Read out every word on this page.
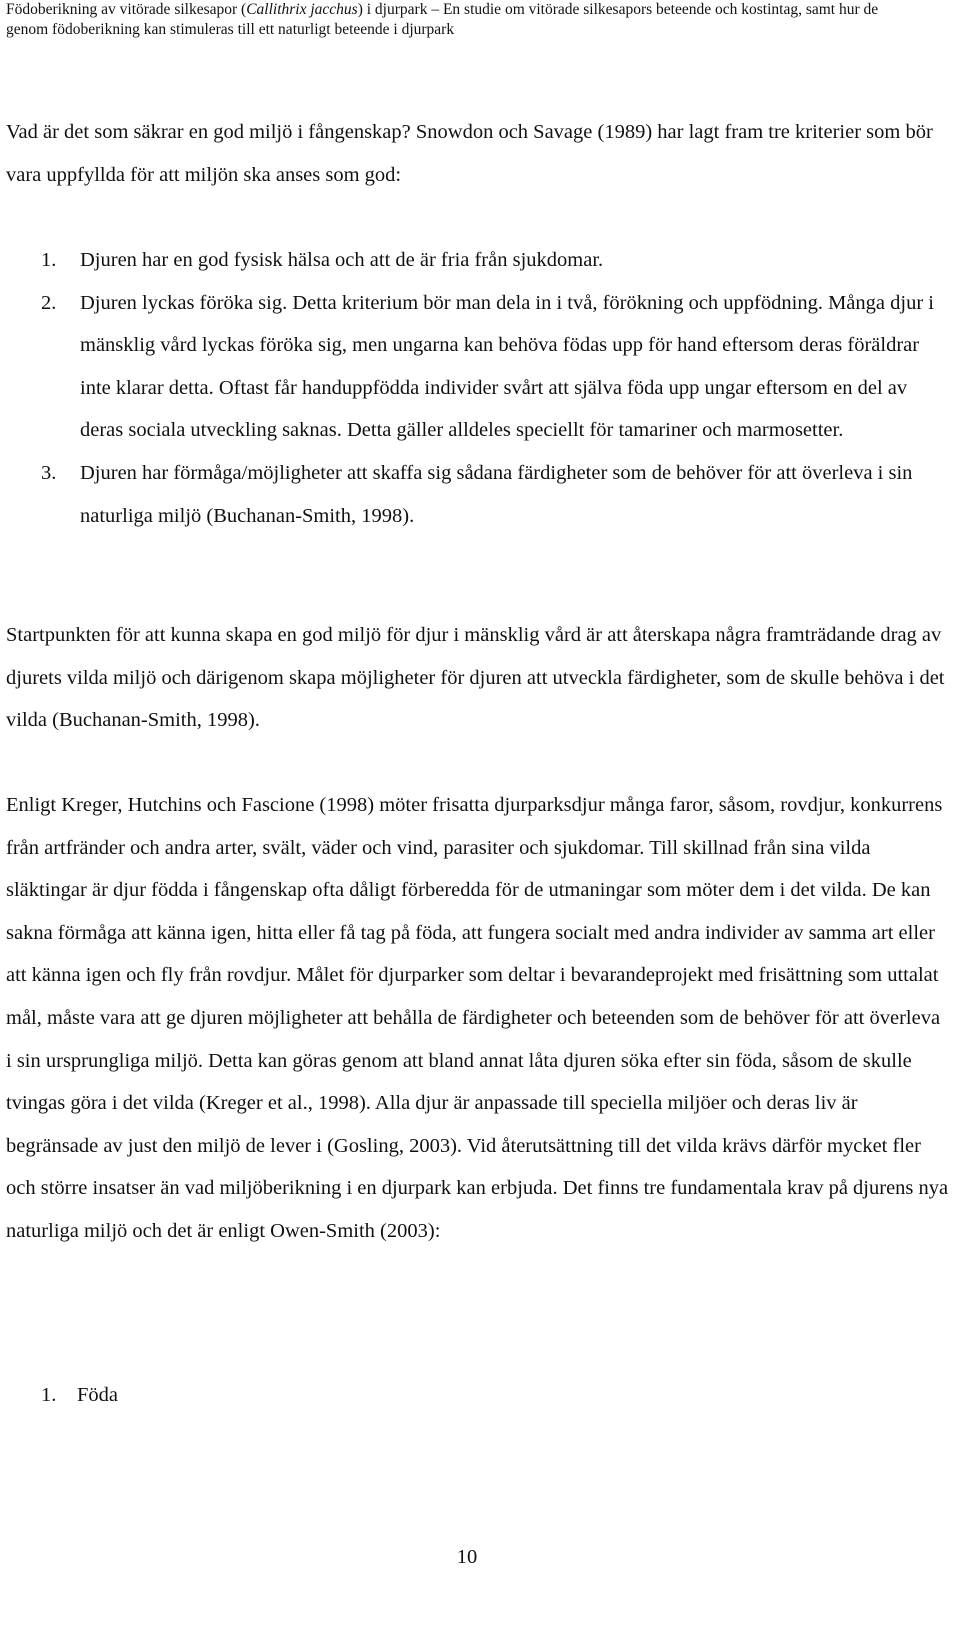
Födoberikning av vitörade silkesapor (Callithrix jacchus) i djurpark – En studie om vitörade silkesapors beteende och kostintag, samt hur de

genom födoberikning kan stimuleras till ett naturligt beteende i djurpark

Vad är det som säkrar en god miljö i fångenskap? Snowdon och Savage (1989) har lagt fram tre kriterier som bör vara uppfyllda för att miljön ska anses som god:

1. Djuren har en god fysisk hälsa och att de är fria från sjukdomar.
2. Djuren lyckas föröka sig. Detta kriterium bör man dela in i två, förökning och uppfödning. Många djur i mänsklig vård lyckas föröka sig, men ungarna kan behöva födas upp för hand eftersom deras föräldrar inte klarar detta. Oftast får handuppfödda individer svårt att själva föda upp ungar eftersom en del av deras sociala utveckling saknas. Detta gäller alldeles speciellt för tamariner och marmosetter.
3. Djuren har förmåga/möjligheter att skaffa sig sådana färdigheter som de behöver för att överleva i sin naturliga miljö (Buchanan-Smith, 1998).

Startpunkten för att kunna skapa en god miljö för djur i mänsklig vård är att återskapa några framträdande drag av djurets vilda miljö och därigenom skapa möjligheter för djuren att utveckla färdigheter, som de skulle behöva i det vilda (Buchanan-Smith, 1998).

Enligt Kreger, Hutchins och Fascione (1998) möter frisatta djurparksdjur många faror, såsom, rovdjur, konkurrens från artfränder och andra arter, svält, väder och vind, parasiter och sjukdomar. Till skillnad från sina vilda släktingar är djur födda i fångenskap ofta dåligt förberedda för de utmaningar som möter dem i det vilda. De kan sakna förmåga att känna igen, hitta eller få tag på föda, att fungera socialt med andra individer av samma art eller att känna igen och fly från rovdjur. Målet för djurparker som deltar i bevarandeprojekt med frisättning som uttalat mål, måste vara att ge djuren möjligheter att behålla de färdigheter och beteenden som de behöver för att överleva i sin ursprungliga miljö. Detta kan göras genom att bland annat låta djuren söka efter sin föda, såsom de skulle tvingas göra i det vilda (Kreger et al., 1998). Alla djur är anpassade till speciella miljöer och deras liv är begränsade av just den miljö de lever i (Gosling, 2003). Vid återutsättning till det vilda krävs därför mycket fler och större insatser än vad miljöberikning i en djurpark kan erbjuda. Det finns tre fundamentala krav på djurens nya naturliga miljö och det är enligt Owen-Smith (2003):

1. Föda
10
